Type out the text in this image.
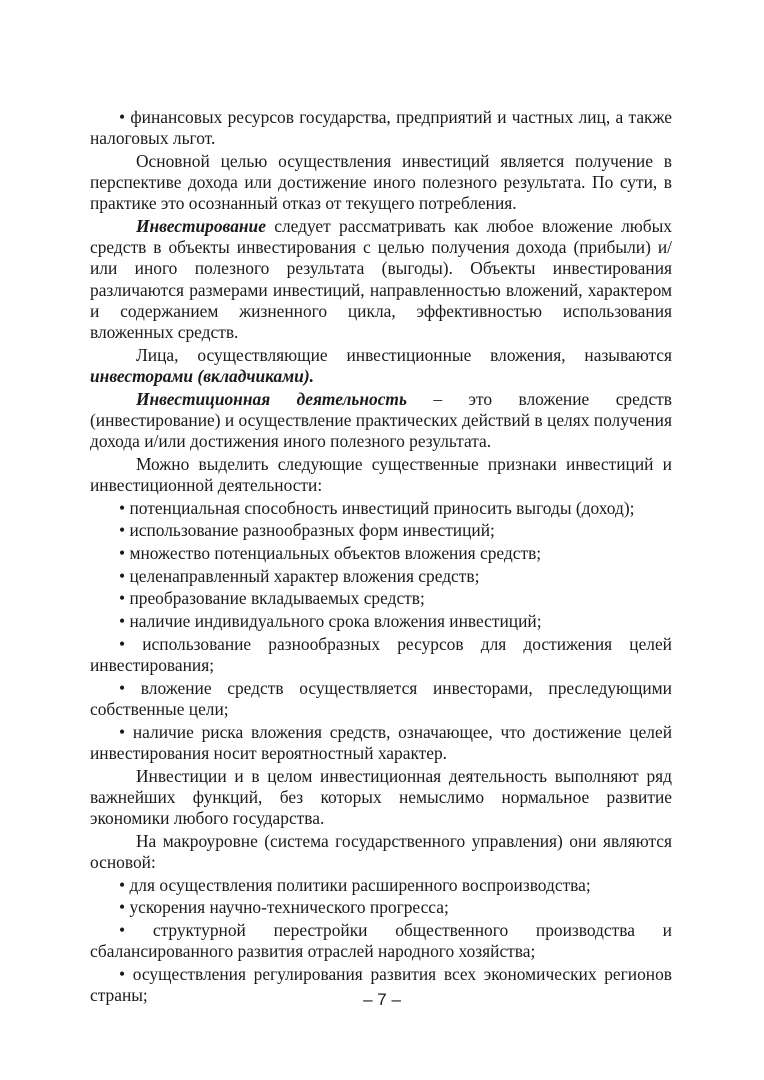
• финансовых ресурсов государства, предприятий и частных лиц, а также налоговых льгот.

Основной целью осуществления инвестиций является получение в перспективе дохода или достижение иного полезного результата. По сути, в практике это осознанный отказ от текущего потребления.

Инвестирование следует рассматривать как любое вложение любых средств в объекты инвестирования с целью получения дохода (прибыли) и/или иного полезного результата (выгоды). Объекты инвестирования различаются размерами инвестиций, направленностью вложений, характером и содержанием жизненного цикла, эффективностью использования вложенных средств.

Лица, осуществляющие инвестиционные вложения, называются инвесторами (вкладчиками).

Инвестиционная деятельность – это вложение средств (инвестирование) и осуществление практических действий в целях получения дохода и/или достижения иного полезного результата.

Можно выделить следующие существенные признаки инвестиций и инвестиционной деятельности:

• потенциальная способность инвестиций приносить выгоды (доход);

• использование разнообразных форм инвестиций;

• множество потенциальных объектов вложения средств;

• целенаправленный характер вложения средств;

• преобразование вкладываемых средств;

• наличие индивидуального срока вложения инвестиций;

• использование разнообразных ресурсов для достижения целей инвестирования;

• вложение средств осуществляется инвесторами, преследующими собственные цели;

• наличие риска вложения средств, означающее, что достижение целей инвестирования носит вероятностный характер.

Инвестиции и в целом инвестиционная деятельность выполняют ряд важнейших функций, без которых немыслимо нормальное развитие экономики любого государства.

На макроуровне (система государственного управления) они являются основой:

• для осуществления политики расширенного воспроизводства;

• ускорения научно-технического прогресса;

• структурной перестройки общественного производства и сбалансированного развития отраслей народного хозяйства;

• осуществления регулирования развития всех экономических регионов страны;	– 7 –
